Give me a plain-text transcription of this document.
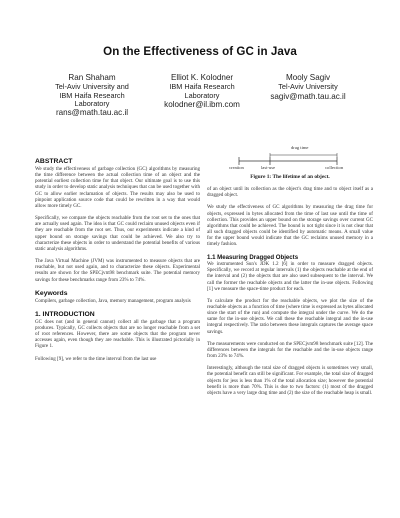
On the Effectiveness of GC in Java
Ran Shaham
Tel-Aviv University and
IBM Haifa Research
Laboratory
rans@math.tau.ac.il
Elliot K. Kolodner
IBM Haifa Research
Laboratory
kolodner@il.ibm.com
Mooly Sagiv
Tel-Aviv University
sagiv@math.tau.ac.il
ABSTRACT

We study the effectiveness of garbage collection (GC) algorithms by measuring the time difference between the actual collection time of an object and the potential earliest collection time for that object. Our ultimate goal is to use this study in order to develop static analysis techniques that can be used together with GC to allow earlier reclamation of objects. The results may also be used to pinpoint application source code that could be rewritten in a way that would allow more timely GC.

Specifically, we compare the objects reachable from the root set to the ones that are actually used again. The idea is that GC could reclaim unused objects even if they are reachable from the root set. Thus, our experiments indicate a kind of upper bound on storage savings that could be achieved. We also try to characterize these objects in order to understand the potential benefits of various static analysis algorithms.

The Java Virtual Machine (JVM) was instrumented to measure objects that are reachable, but not used again, and to characterize these objects. Experimental results are shown for the SPECjvm98 benchmark suite. The potential memory savings for these benchmarks range from 23% to 74%.

Keywords

Compilers, garbage collection, Java, memory management, program analysis

1. INTRODUCTION

GC does not (and in general cannot) collect all the garbage that a program produces. Typically, GC collects objects that are no longer reachable from a set of root references. However, there are some objects that the program never accesses again, even though they are reachable. This is illustrated pictorially in Figure 1.

Following [9], we refer to the time interval from the last use

drag time
creation	last-use	collection
Figure 1: The lifetime of an object.

of an object until its collection as the object's drag time and to object itself as a dragged object.

We study the effectiveness of GC algorithms by measuring the drag time for objects, expressed in bytes allocated from the time of last use until the time of collection. This provides an upper bound on the storage savings over current GC algorithms that could be achieved. The bound is not tight since it is not clear that all such dragged objects could be identified by automatic means. A small value for the upper bound would indicate that the GC reclaims unused memory in a timely fashion.

1.1 Measuring Dragged Objects

We instrumented Sun's JDK 1.2 [6] in order to measure dragged objects. Specifically, we record at regular intervals (1) the objects reachable at the end of the interval and (2) the objects that are also used subsequent to the interval. We call the former the reachable objects and the latter the in-use objects. Following [1] we measure the space-time product for each.

To calculate the product for the reachable objects, we plot the size of the reachable objects as a function of time (where time is expressed as bytes allocated since the start of the run) and compute the integral under the curve. We do the same for the in-use objects. We call these the reachable integral and the in-use integral respectively. The ratio between these integrals captures the average space savings.

The measurements were conducted on the SPECjvm98 benchmark suite [12]. The differences between the integrals for the reachable and the in-use objects range from 23% to 74%.

Interestingly, although the total size of dragged objects is sometimes very small, the potential benefit can still be significant. For example, the total size of dragged objects for jess is less than 1% of the total allocation size; however the potential benefit is more than 70%. This is due to two factors: (1) most of the dragged objects have a very large drag time and (2) the size of the reachable heap is small.
